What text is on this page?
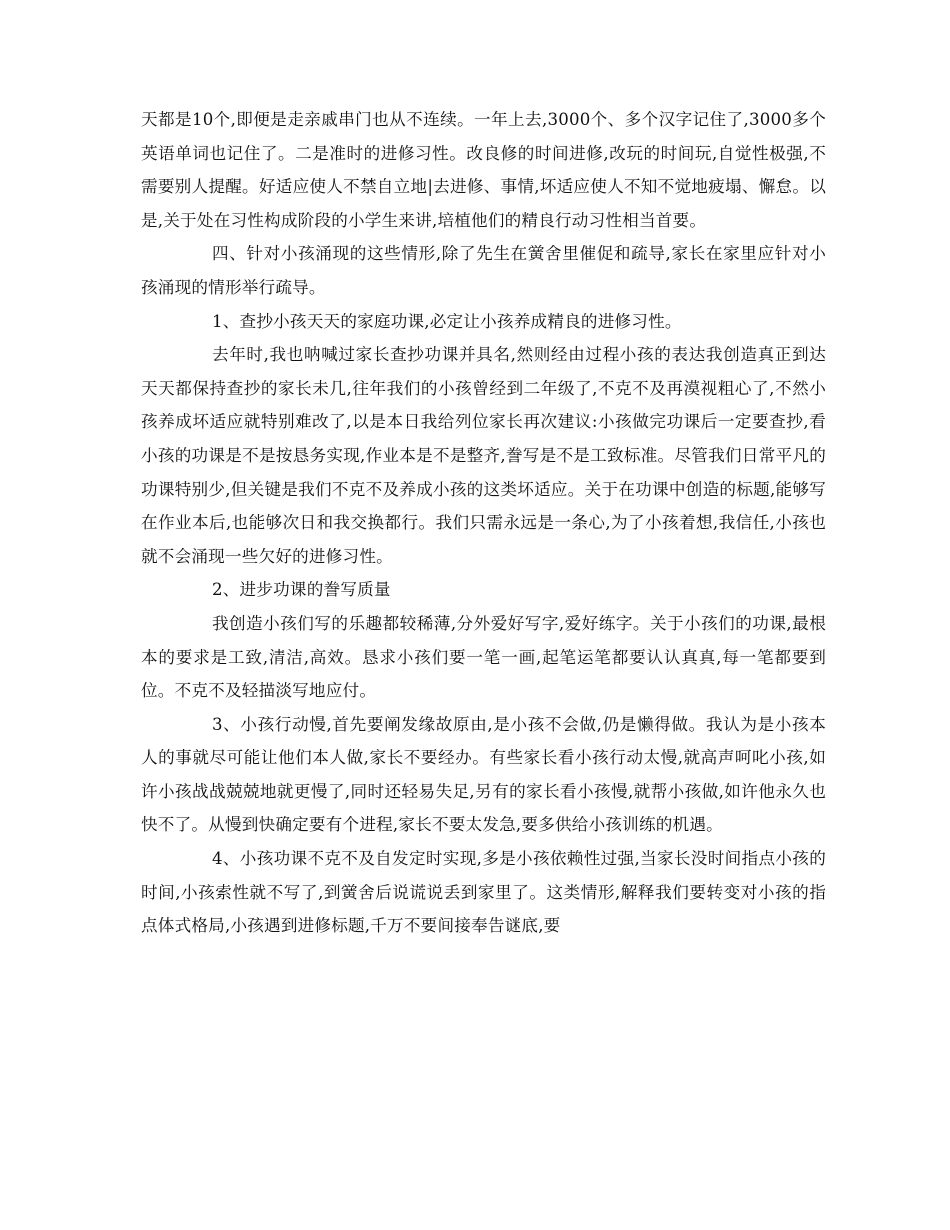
天都是10个,即便是走亲戚串门也从不连续。一年上去,3000个、多个汉字记住了,3000多个英语单词也记住了。二是准时的进修习性。改良修的时间进修,改玩的时间玩,自觉性极强,不需要别人提醒。好适应使人不禁自立地|去进修、事情,坏适应使人不知不觉地疲塌、懈怠。以是,关于处在习性构成阶段的小学生来讲,培植他们的精良行动习性相当首要。

四、针对小孩涌现的这些情形,除了先生在黉舍里催促和疏导,家长在家里应针对小孩涌现的情形举行疏导。

1、查抄小孩天天的家庭功课,必定让小孩养成精良的进修习性。

去年时,我也呐喊过家长查抄功课并具名,然则经由过程小孩的表达我创造真正到达天天都保持查抄的家长未几,往年我们的小孩曾经到二年级了,不克不及再漠视粗心了,不然小孩养成坏适应就特别难改了,以是本日我给列位家长再次建议:小孩做完功课后一定要查抄,看小孩的功课是不是按恳务实现,作业本是不是整齐,誊写是不是工致标准。尽管我们日常平凡的功课特别少,但关键是我们不克不及养成小孩的这类坏适应。关于在功课中创造的标题,能够写在作业本后,也能够次日和我交换都行。我们只需永远是一条心,为了小孩着想,我信任,小孩也就不会涌现一些欠好的进修习性。

2、进步功课的誊写质量

我创造小孩们写的乐趣都较稀薄,分外爱好写字,爱好练字。关于小孩们的功课,最根本的要求是工致,清洁,高效。恳求小孩们要一笔一画,起笔运笔都要认认真真,每一笔都要到位。不克不及轻描淡写地应付。

3、小孩行动慢,首先要阐发缘故原由,是小孩不会做,仍是懒得做。我认为是小孩本人的事就尽可能让他们本人做,家长不要经办。有些家长看小孩行动太慢,就高声呵叱小孩,如许小孩战战兢兢地就更慢了,同时还轻易失足,另有的家长看小孩慢,就帮小孩做,如许他永久也快不了。从慢到快确定要有个进程,家长不要太发急,要多供给小孩训练的机遇。

4、小孩功课不克不及自发定时实现,多是小孩依赖性过强,当家长没时间指点小孩的时间,小孩索性就不写了,到黉舍后说谎说丢到家里了。这类情形,解释我们要转变对小孩的指点体式格局,小孩遇到进修标题,千万不要间接奉告谜底,要
